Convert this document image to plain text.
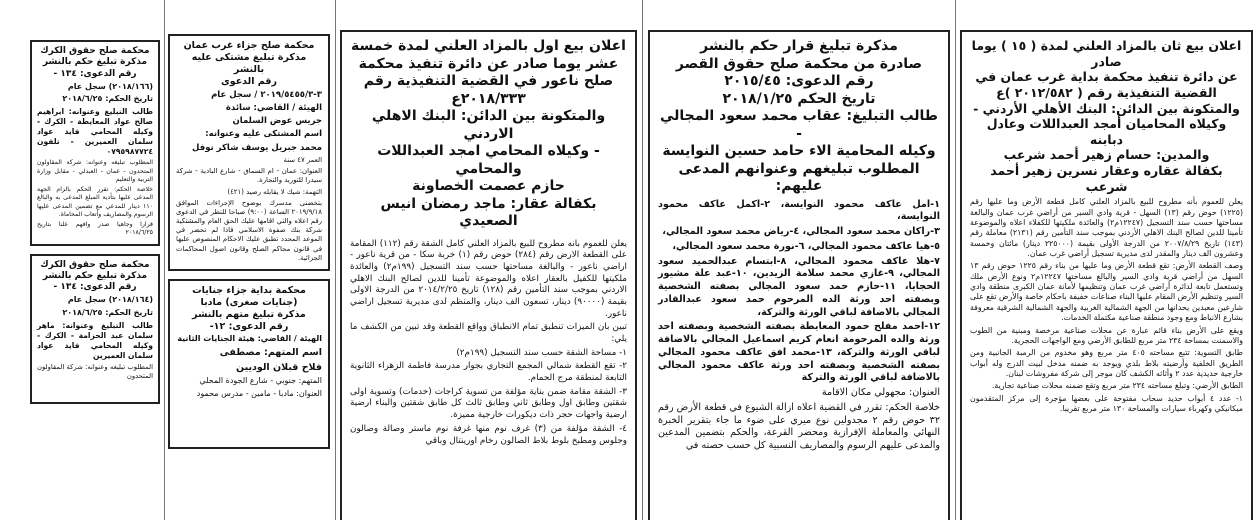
اعلان بيع ثان بالمزاد العلني لمدة ( ١٥ ) يوما صادر
عن دائرة تنفيذ محكمة بداية غرب عمان في
القضية التنفيذية رقم ( ٢٠١٢/٥٨٢ )ع
والمتكونة بين الدائن: البنك الأهلي الأردني -
وكيلاه المحاميان أمجد العبداللات وعادل دبابنه
والمدين: حسام زهير أحمد شرعب
بكفالة عقاره وعقار نسرين زهير أحمد شرعب

يعلن للعموم بأنه مطروح للبيع بالمزاد العلني كامل قطعة الأرض وما عليها رقم (١٢٢٥) حوض رقم (١٣) السهل - قرية وادي السير من أراضي غرب عمان والبالغة مساحتها حسب سند التسجيل (١٢٢٤٧م٢) والعائدة ملكيتها للكفلاء اعلاه والموضوعة تأمينا للدين لصالح البنك الاهلي الأردني بموجب سند التأمين رقم (٢١٣١) معاملة رقم (١٤٣) تاريخ ٢٠٠٧/٨/٢٩ من الدرجة الأولى بقيمة (٢٢٥٠٠٠ دينار) مائتان وخمسة وعشرون الف دينار والمقدر لدى مديرية تسجيل أراضي غرب عمان.

وصف القطعة الأرض: تقع قطعة الأرض وما عليها من بناء رقم ١٢٢٥ حوض رقم ١٣ السهل من أراضي قرية وادي السير والبالغ مساحتها ١٢٢٤٧م٢ ونوع الأرض ملك وتستعمل تابعة لدائرة أراضي غرب عمان وتنظيمها لأمانة عمان الكبرى منطقة وادي السير وتنظيم الأرض المقام عليها البناء صناعات خفيفة باحكام خاصة والأرض تقع على شارعين معبدين يحدانها من الجهة الشمالية الغربية والجهة الشمالية الشرقية معروفة بشارع الانباط ومع وجود منطقة صناعية مكتملة الخدمات.

ويقع على الأرض بناء قائم عبارة عن محلات صناعية مرخصة ومبنية من الطوب والاسمنت بمساحة ٢٣٤ متر مربع للطابق الأرضي ومع الواجهات الحجرية.

طابق التسوية: تتبع مساحته ٤٠٥ متر مربع وهو مخدوم من الرمبة الجانبية ومن الطريق الخلفية وأرضيته بلاط بلدي ويوجد به ضمنه مدخل لبيت الدرج وله أبواب خارجية حديدية عدد ٢ وأثاثه الكشف كان موجر إلى شركة مفروشات لبنان.

الطابق الأرضي: وتبلغ مساحته ٢٣٤ متر مربع وتقع ضمنه محلات صناعية تجارية.

١- عدد ٤ أبواب حديد سحاب مفتوحة على بعضها مؤجرة إلى مركز المتقدمون ميكانيكي وكهرباء سيارات والمساحة ١٣٠ متر مربع تقريبا.

مذكرة تبليغ قرار حكم بالنشر
صادرة من محكمة صلح حقوق القصر
رقم الدعوى: ٢٠١٥/٤٥
تاريخ الحكم ٢٠١٨/١/٢٥
طالب التبليغ: عقاب محمد سعود المجالي -
وكيله المحامية الاء حامد حسين النوايسة
المطلوب تبليغهم وعنوانهم المدعى عليهم:

١-امل عاكف محمود النوايسة، ٢-اكمل عاكف محمود النوايسة،

٣-راكان محمد سعود المجالي، ٤-رياض محمد سعود المجالي،

٥-هيا عاكف محمود المجالي، ٦-نورة محمد سعود المجالي،

٧-هلا عاكف محمود المجالي، ٨-ابتسام عبدالحميد سعود المجالي، ٩-غازي محمد سلامة الزيدين، ١٠-عبد علة مشيور الحجايا، ١١-حازم حمد سعود المجالي بصفته الشخصية وبصفته احد ورثة الده المرحوم حمد سعود عبدالقادر المجالي بالاضافة لباقي الورثة والتركة،

١٢-احمد مفلح حمود المعايطة بصفته الشخصية وبصفته احد ورثة والده المرحومة انعام كريم اسماعيل المجالي بالاضافة لباقي الورثة والتركة، ١٣-محمد افق عاكف محمود المجالي بصفته الشخصية وبصفته احد ورثة عاكف محمود المجالي بالاضافة لباقي الورثة والتركة

العنوان: مجهولي مكان الاقامة

خلاصة الحكم: تقرر في القضية اعلاه ازالة الشيوع في قطعة الأرض رقم ٣٢ حوض رقم ٢ مجدولين نوع ميري على ضوء ما جاء بتقرير الخبرة النهائي والمعاملة الإفرازية ومحضر القرعة، والحكم بتضمين المدعين والمدعى عليهم الرسوم والمصاريف النسبية كل حسب حصته في

اعلان بيع اول بالمزاد العلني لمدة خمسة
عشر يوما صادر عن دائرة تنفيذ محكمة
صلح ناعور في القضية التنفيذية رقم
٢٠١٨/٣٣٣ع
والمتكونة بين الدائن: البنك الاهلي الاردني
- وكيلاه المحامي امجد العبداللات والمحامي
حازم عصمت الخصاونة
بكفالة عقار: ماجد رمضان انيس الصعيدي

يعلن للعموم بانه مطروح للبيع بالمزاد العلني كامل الشقة رقم (١١٢) المقامة على القطعة الارض رقم (٢٨٤) حوض رقم (١) خربة سكا - من قرية ناعور - اراضي ناعور - والبالغة مساحتها حسب سند التسجيل (١٩٩م٢) والعائدة ملكيتها للكفيل بالعقار اعلاه والموضوعة تأمينا للدين لصالح البنك الاهلي الاردني بموجب سند التأمين رقم (١٢٨) تاريخ ٢٠١٤/٢/٢٥ من الدرجة الاولى بقيمة (٩٠٠٠٠) دينار، تسعون الف دينار، والمنظم لدى مديرية تسجيل اراضي ناعور.

تبين بان الميزات تنطبق تمام الانطباق وواقع القطعة وقد تبين من الكشف ما يلي:

١- مساحة الشقة حسب سند التسجيل (١٩٩م٢)

٢- تقع القطعة شمالي المجمع التجاري بجوار مدرسة فاطمة الزهراء الثانوية التابعة لمنطقة مرج الحمام.

٣- الشقة مقامة ضمن بناية مؤلفة من تسوية كراجات (خدمات) وتسوية اولى شقتين وطابق اول وطابق ثاني وطابق ثالث كل طابق شقتين والبناء ارضية ارضية واجهات حجر ذات ديكورات خارجية مميزة.

٤- الشقة مؤلفة من (٣) غرف نوم منها غرفة نوم ماستر وصالة وصالون وجلوس ومطبخ بلوط بلاط الصالون رخام اورينتال وباقي

محكمة صلح جزاء غرب عمان
مذكرة تبليغ مشتكى عليه بالنشر
رقم الدعوى

٣-٢٠١٩/٥٤٥٥/٣ / سجل عام

الهيئة / القاضي: سائدة

جريس عوض السلمان

اسم المشتكى عليه وعنوانه:

محمد جبريل يوسف شاكر نوفل

العمر ٤٧ سنة

العنوان: عمان - ام السماق - شارع البادية - شركة سيدرا للتوريد والتجارة.

التهمة: شيك لا يقابله رصيد (٤٢١)

بتخضنى مدسرك بوضوح الإجراءات الموافق ٢٠١٩/٩/١٨ الساعة (٩:٠٠) صباحا للنظر في الدعوى رقم اعلاه والتي اقامها عليك الحق العام والمشتكية شركة بنك صفوة الاسلامي فاذا لم تحضر في الموعد المحدد تطبق عليك الاحكام المنصوص عليها في قانون محاكم الصلح وقانون اصول المحاكمات الجزائية.

محكمة بداية جزاء جنايات
(جنايات صغرى) مادبا
مذكرة تبليغ متهم بالنشر
رقم الدعوى: ١٢-

الهيئة / القاضي: هيئة الجنايات الثانية

اسم المتهم: مصطفى

فلاح قبلان الوديين

المتهم: جنوبي - شارع الجودة المحلي

العنوان: مادبا - مامين - مدرس محمود

محكمة صلح حقوق الكرك
مذكرة تبليغ حكم بالنشر
رقم الدعوى: ١٣٤ -

(٢٠١٨/١٦٦) سجل عام

تاريخ الحكم: ٢٠١٨/٦/٢٥

طالب التبليغ وعنوانه: ابراهيم صالح عواد المعايطة - الكرك - وكيله المحامي فايد عواد سلمان العميرين - تلفون ٠٧٩٥٩٨٧٧٢٤

المطلوب تبليغه وعنوانه: شركة المقاولون المتحدون - عمان - العبدلي - مقابل وزارة التربية والتعليم

خلاصة الحكم: تقرر الحكم بالزام الجهة المدعى عليها بتأدية المبلغ المدعى به والبالغ ١١٠ دينار للمدعي مع تضمين المدعى عليها الرسوم والمصاريف وأتعاب المحاماة.

قرارا وجاهيا صدر وافهم علنا بتاريخ ٢٠١٨/٦/٢٥

محكمة صلح حقوق الكرك
مذكرة تبليغ حكم بالنشر
رقم الدعوى: ١٣٤ -

(٢٠١٨/١٦٤) سجل عام

تاريخ الحكم: ٢٠١٨/٦/٢٥

طالب التبليغ وعنوانه: ماهر سلمان عبد الحزامة - الكرك - وكيله المحامي فايد عواد سلمان العميرين

المطلوب تبليغه وعنوانه: شركة المقاولون المتحدون
